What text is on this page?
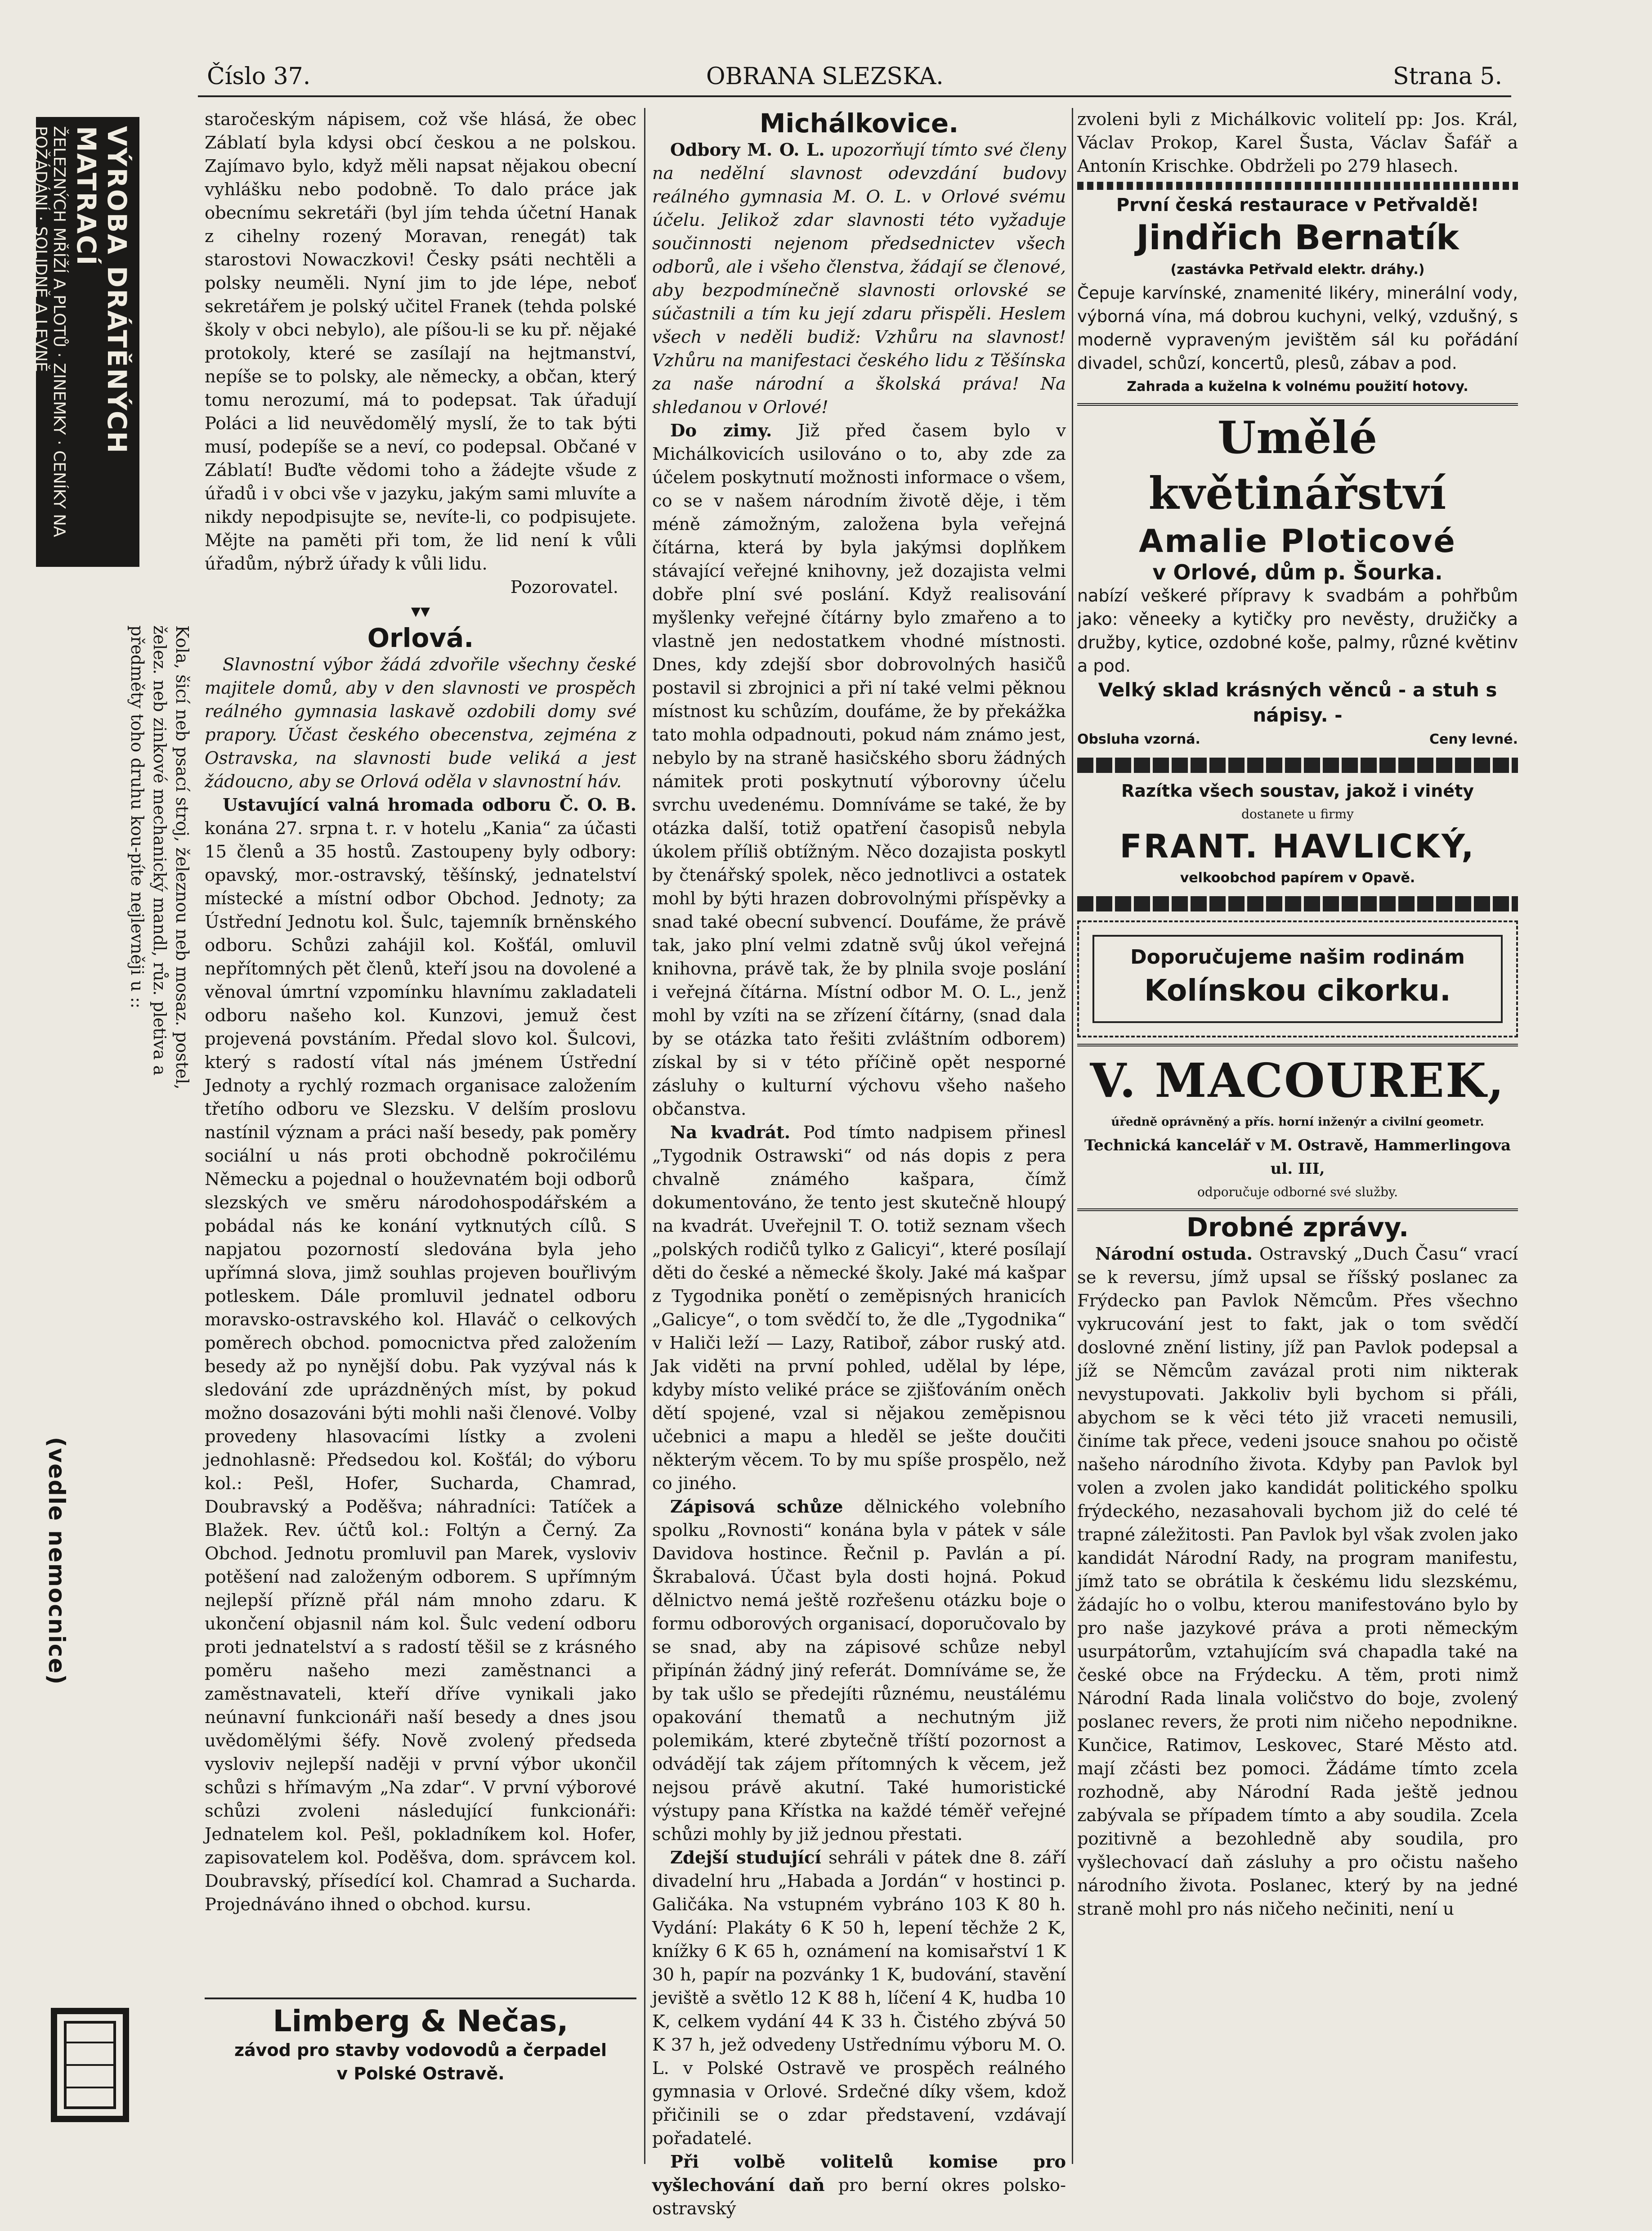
Číslo 37.	OBRANA SLEZSKA.	Strana 5.
VÝROBA DRÁTĚNÝCH MATRACÍ
ŽELEZNÝCH MŘÍŽÍ A PLOTŮ · ZINEMKY · CENÍKY NA POŽÁDÁNÍ · SOLIDNĚ A LEVNĚ
Kola, šicí neb psací stroj, železnou neb mosaz. postel, želez. neb zinkové mechanický mandl, růz. pletiva a předměty toho druhu kou-píte nejlevněji u ::
(vedle nemocnice)

staročeským nápisem, což vše hlásá, že obec Záblatí byla kdysi obcí českou a ne polskou. Zajímavo bylo, když měli napsat nějakou obecní vyhlášku nebo podobně. To dalo práce jak obecnímu sekretáři (byl jím tehda účetní Hanak z cihelny rozený Moravan, renegát) tak starostovi Nowaczkovi! Česky psáti nechtěli a polsky neuměli. Nyní jim to jde lépe, neboť sekretářem je polský učitel Franek (tehda polské školy v obci nebylo), ale píšou-li se ku př. nějaké protokoly, které se zasílají na hejtmanství, nepíše se to polsky, ale německy, a občan, který tomu nerozumí, má to podepsat. Tak úřadují Poláci a lid neuvědomělý myslí, že to tak býti musí, podepíše se a neví, co podepsal. Občané v Záblatí! Buďte vědomi toho a žádejte všude z úřadů i v obci vše v jazyku, jakým sami mluvíte a nikdy nepodpisujte se, nevíte-li, co podpisujete. Mějte na paměti při tom, že lid není k vůli úřadům, nýbrž úřady k vůli lidu.

Pozorovatel.
▾▾
Orlová.

Slavnostní výbor žádá zdvořile všechny české majitele domů, aby v den slavnosti ve prospěch reálného gymnasia laskavě ozdobili domy své prapory. Účast českého obecenstva, zejména z Ostravska, na slavnosti bude veliká a jest žádoucno, aby se Orlová oděla v slavnostní háv.

Ustavující valná hromada odboru Č. O. B. konána 27. srpna t. r. v hotelu „Kania“ za účasti 15 členů a 35 hostů. Zastoupeny byly odbory: opavský, mor.-ostravský, těšínský, jednatelství místecké a místní odbor Obchod. Jednoty; za Ústřední Jednotu kol. Šulc, tajemník brněnského odboru. Schůzi zahájil kol. Košťál, omluvil nepřítomných pět členů, kteří jsou na dovolené a věnoval úmrtní vzpomínku hlavnímu zakladateli odboru našeho kol. Kunzovi, jemuž čest projevená povstáním. Předal slovo kol. Šulcovi, který s radostí vítal nás jménem Ústřední Jednoty a rychlý rozmach organisace založením třetího odboru ve Slezsku. V delším proslovu nastínil význam a práci naší besedy, pak poměry sociální u nás proti obchodně pokročilému Německu a pojednal o houževnatém boji odborů slezských ve směru národohospodářském a pobádal nás ke konání vytknutých cílů. S napjatou pozorností sledována byla jeho upřímná slova, jimž souhlas projeven bouřlivým potleskem. Dále promluvil jednatel odboru moravsko-ostravského kol. Hlaváč o celkových poměrech obchod. pomocnictva před založením besedy až po nynější dobu. Pak vyzýval nás k sledování zde uprázdněných míst, by pokud možno dosazováni býti mohli naši členové. Volby provedeny hlasovacími lístky a zvoleni jednohlasně: Předsedou kol. Košťál; do výboru kol.: Pešl, Hofer, Sucharda, Chamrad, Doubravský a Poděšva; náhradníci: Tatíček a Blažek. Rev. účtů kol.: Foltýn a Černý. Za Obchod. Jednotu promluvil pan Marek, vysloviv potěšení nad založeným odborem. S upřímným nejlepší přízně přál nám mnoho zdaru. K ukončení objasnil nám kol. Šulc vedení odboru proti jednatelství a s radostí těšil se z krásného poměru našeho mezi zaměstnanci a zaměstnavateli, kteří dříve vynikali jako neúnavní funkcionáři naší besedy a dnes jsou uvědomělými šéfy. Nově zvolený předseda vysloviv nejlepší naději v první výbor ukončil schůzi s hřímavým „Na zdar“. V první výborové schůzi zvoleni následující funkcionáři: Jednatelem kol. Pešl, pokladníkem kol. Hofer, zapisovatelem kol. Poděšva, dom. správcem kol. Doubravský, přísedící kol. Chamrad a Sucharda. Projednáváno ihned o obchod. kursu.

Limberg & Nečas,
závod pro stavby vodovodů a čerpadel
v Polské Ostravě.
Michálkovice.

Odbory M. O. L. upozorňují tímto své členy na nedělní slavnost odevzdání budovy reálného gymnasia M. O. L. v Orlové svému účelu. Jelikož zdar slavnosti této vyžaduje součinnosti nejenom předsednictev všech odborů, ale i všeho členstva, žádají se členové, aby bezpodmínečně slavnosti orlovské se súčastnili a tím ku její zdaru přispěli. Heslem všech v neděli budiž: Vzhůru na slavnost! Vzhůru na manifestaci českého lidu z Těšínska za naše národní a školská práva! Na shledanou v Orlové!

Do zimy. Již před časem bylo v Michálkovicích usilováno o to, aby zde za účelem poskytnutí možnosti informace o všem, co se v našem národním životě děje, i těm méně zámožným, založena byla veřejná čítárna, která by byla jakýmsi doplňkem stávající veřejné knihovny, jež dozajista velmi dobře plní své poslání. Když realisování myšlenky veřejné čítárny bylo zmařeno a to vlastně jen nedostatkem vhodné místnosti. Dnes, kdy zdejší sbor dobrovolných hasičů postavil si zbrojnici a při ní také velmi pěknou místnost ku schůzím, doufáme, že by překážka tato mohla odpadnouti, pokud nám známo jest, nebylo by na straně hasičského sboru žádných námitek proti poskytnutí výborovny účelu svrchu uvedenému. Domníváme se také, že by otázka další, totiž opatření časopisů nebyla úkolem příliš obtížným. Něco dozajista poskytl by čtenářský spolek, něco jednotlivci a ostatek mohl by býti hrazen dobrovolnými příspěvky a snad také obecní subvencí. Doufáme, že právě tak, jako plní velmi zdatně svůj úkol veřejná knihovna, právě tak, že by plnila svoje poslání i veřejná čítárna. Místní odbor M. O. L., jenž mohl by vzíti na se zřízení čítárny, (snad dala by se otázka tato řešiti zvláštním odborem) získal by si v této příčině opět nesporné zásluhy o kulturní výchovu všeho našeho občanstva.

Na kvadrát. Pod tímto nadpisem přinesl „Tygodnik Ostrawski“ od nás dopis z pera chvalně známého kašpara, čímž dokumentováno, že tento jest skutečně hloupý na kvadrát. Uveřejnil T. O. totiž seznam všech „polských rodičů tylko z Galicyi“, které posílají děti do české a německé školy. Jaké má kašpar z Tygodnika ponětí o zeměpisných hranicích „Galicye“, o tom svědčí to, že dle „Tygodnika“ v Haliči leží — Lazy, Ratiboř, zábor ruský atd. Jak viděti na první pohled, udělal by lépe, kdyby místo veliké práce se zjišťováním oněch dětí spojené, vzal si nějakou zeměpisnou učebnici a mapu a hleděl se ješte doučiti některým věcem. To by mu spíše prospělo, než co jiného.

Zápisová schůze dělnického volebního spolku „Rovnosti“ konána byla v pátek v sále Davidova hostince. Řečnil p. Pavlán a pí. Škrabalová. Účast byla dosti hojná. Pokud dělnictvo nemá ještě rozřešenu otázku boje o formu odborových organisací, doporučovalo by se snad, aby na zápisové schůze nebyl připínán žádný jiný referát. Domníváme se, že by tak ušlo se předejíti různému, neustálému opakování thematů a nechutným již polemikám, které zbytečně tříští pozornost a odvádějí tak zájem přítomných k věcem, jež nejsou právě akutní. Také humoristické výstupy pana Křístka na každé téměř veřejné schůzi mohly by již jednou přestati.

Zdejší studující sehráli v pátek dne 8. září divadelní hru „Habada a Jordán“ v hostinci p. Galičáka. Na vstupném vybráno 103 K 80 h. Vydání: Plakáty 6 K 50 h, lepení těchže 2 K, knížky 6 K 65 h, oznámení na komisařství 1 K 30 h, papír na pozvánky 1 K, budování, stavění jeviště a světlo 12 K 88 h, líčení 4 K, hudba 10 K, celkem vydání 44 K 33 h. Čistého zbývá 50 K 37 h, jež odvedeny Ustřednímu výboru M. O. L. v Polské Ostravě ve prospěch reálného gymnasia v Orlové. Srdečné díky všem, kdož přičinili se o zdar představení, vzdávají pořadatelé.

Při volbě volitelů komise pro vyšlechování daň pro berní okres polsko-ostravský

zvoleni byli z Michálkovic volitelí pp: Jos. Král, Václav Prokop, Karel Šusta, Václav Šafář a Antonín Krischke. Obdrželi po 279 hlasech.

První česká restaurace v Petřvaldě!
Jindřich Bernatík
(zastávka Petřvald elektr. dráhy.)
Čepuje karvínské, znamenité likéry, minerální vody, výborná vína, má dobrou kuchyni, velký, vzdušný, s moderně vypraveným jevištěm sál ku pořádání divadel, schůzí, koncertů, plesů, zábav a pod.
Zahrada a kuželna k volnému použití hotovy.
Umělé květinářství
Amalie Ploticové
v Orlové, dům p. Šourka.
nabízí veškeré přípravy k svadbám a pohřbům jako: věneeky a kytičky pro nevěsty, družičky a družby, kytice, ozdobné koše, palmy, různé květinv a pod.
Velký sklad krásných věnců - a stuh s nápisy. -
Obsluha vzorná.	Ceny levné.
Razítka všech soustav, jakož i vinéty
dostanete u firmy
FRANT. HAVLICKÝ,
velkoobchod papírem v Opavě.
Doporučujeme našim rodinám
Kolínskou cikorku.
V. MACOUREK,
úředně oprávněný a přís. horní inženýr a civilní geometr.
Technická kancelář v M. Ostravě, Hammerlingova ul. III,
odporučuje odborné své služby.
Drobné zprávy.

Národní ostuda. Ostravský „Duch Času“ vrací se k reversu, jímž upsal se říšský poslanec za Frýdecko pan Pavlok Němcům. Přes všechno vykrucování jest to fakt, jak o tom svědčí doslovné znění listiny, jíž pan Pavlok podepsal a jíž se Němcům zavázal proti nim nikterak nevystupovati. Jakkoliv byli bychom si přáli, abychom se k věci této již vraceti nemusili, činíme tak přece, vedeni jsouce snahou po očistě našeho národního života. Kdyby pan Pavlok byl volen a zvolen jako kandidát politického spolku frýdeckého, nezasahovali bychom již do celé té trapné záležitosti. Pan Pavlok byl však zvolen jako kandidát Národní Rady, na program manifestu, jímž tato se obrátila k českému lidu slezskému, žádajíc ho o volbu, kterou manifestováno bylo by pro naše jazykové práva a proti německým usurpátorům, vztahujícím svá chapadla také na české obce na Frýdecku. A těm, proti nimž Národní Rada linala voličstvo do boje, zvolený poslanec revers, že proti nim ničeho nepodnikne. Kunčice, Ratimov, Leskovec, Staré Město atd. mají zčásti bez pomoci. Žádáme tímto zcela rozhodně, aby Národní Rada ještě jednou zabývala se případem tímto a aby soudila. Zcela pozitivně a bezohledně aby soudila, pro vyšlechovací daň zásluhy a pro očistu našeho národního života. Poslanec, který by na jedné straně mohl pro nás ničeho nečiniti, není u
